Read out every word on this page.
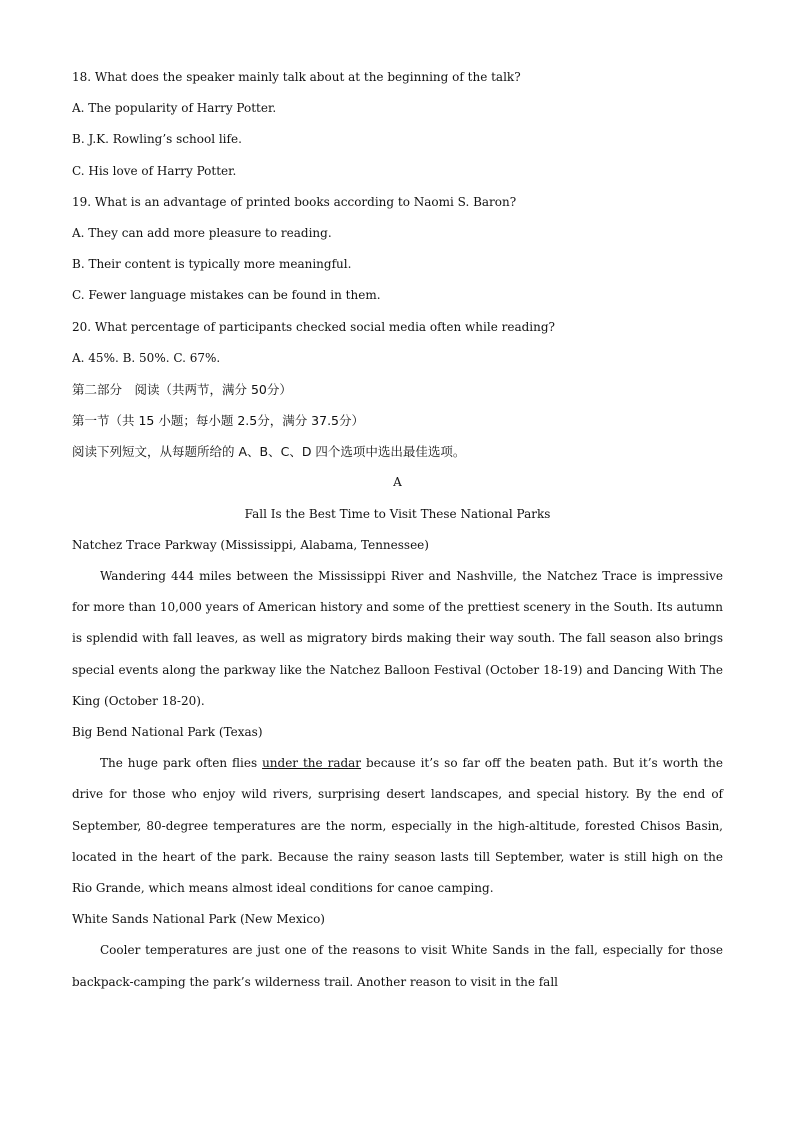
18. What does the speaker mainly talk about at the beginning of the talk?
A. The popularity of Harry Potter.
B. J.K. Rowling’s school life.
C. His love of Harry Potter.
19. What is an advantage of printed books according to Naomi S. Baron?
A. They can add more pleasure to reading.
B. Their content is typically more meaningful.
C. Fewer language mistakes can be found in them.
20. What percentage of participants checked social media often while reading?
A. 45%. B. 50%. C. 67%.
第二部分　阅读（共两节，满分 50分）
第一节（共 15 小题；每小题 2.5分，满分 37.5分）
阅读下列短文，从每题所给的 A、B、C、D 四个选项中选出最佳选项。
A
Fall Is the Best Time to Visit These National Parks
Natchez Trace Parkway (Mississippi, Alabama, Tennessee)

Wandering 444 miles between the Mississippi River and Nashville, the Natchez Trace is impressive for more than 10,000 years of American history and some of the prettiest scenery in the South. Its autumn is splendid with fall leaves, as well as migratory birds making their way south. The fall season also brings special events along the parkway like the Natchez Balloon Festival (October 18-19) and Dancing With The King (October 18-20).

Big Bend National Park (Texas)

The huge park often flies under the radar because it’s so far off the beaten path. But it’s worth the drive for those who enjoy wild rivers, surprising desert landscapes, and special history. By the end of September, 80-degree temperatures are the norm, especially in the high-altitude, forested Chisos Basin, located in the heart of the park. Because the rainy season lasts till September, water is still high on the Rio Grande, which means almost ideal conditions for canoe camping.

White Sands National Park (New Mexico)

Cooler temperatures are just one of the reasons to visit White Sands in the fall, especially for those backpack-camping the park’s wilderness trail. Another reason to visit in the fall
